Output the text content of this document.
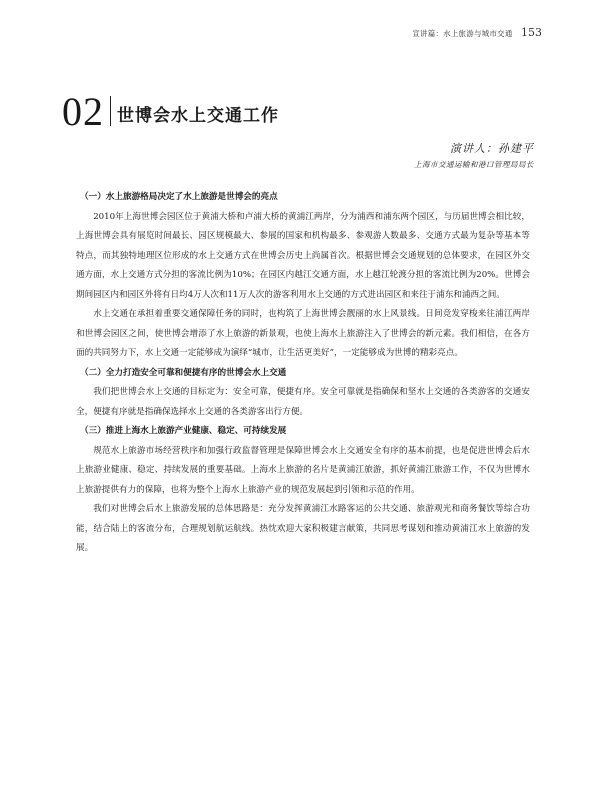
宣讲篇：水上旅游与城市交通 153
02 世博会水上交通工作
演讲人：孙建平
上海市交通运输和港口管理局局长
（一）水上旅游格局决定了水上旅游是世博会的亮点

2010年上海世博会园区位于黄浦大桥和卢浦大桥的黄浦江两岸，分为浦西和浦东两个园区，与历届世博会相比较，上海世博会具有展览时间最长、园区规模最大、参展的国家和机构最多、参观游人数最多、交通方式最为复杂等基本等特点，而其独特地理区位形成的水上交通方式在世博会历史上尚属首次。根据世博会交通规划的总体要求，在园区外交通方面，水上交通方式分担的客流比例为10%；在园区内越江交通方面，水上越江轮渡分担的客流比例为20%。世博会期间园区内和园区外将有日均4万人次和11万人次的游客利用水上交通的方式进出园区和来往于浦东和浦西之间。

水上交通在承担着重要交通保障任务的同时，也构筑了上海世博会靓丽的水上风景线。日间竞发穿梭来往浦江两岸和世博会园区之间，使世博会增添了水上旅游的新景观，也使上海水上旅游注入了世博会的新元素。我们相信，在各方面的共同努力下，水上交通一定能够成为演绎“城市，让生活更美好”，一定能够成为世博的精彩亮点。

（二）全力打造安全可靠和便捷有序的世博会水上交通

我们把世博会水上交通的目标定为：安全可靠，便捷有序。安全可靠就是指确保和坚水上交通的各类游客的交通安全，便捷有序就是指确保选择水上交通的各类游客出行方便。

（三）推进上海水上旅游产业健康、稳定、可持续发展

规范水上旅游市场经营秩序和加强行政监督管理是保障世博会水上交通安全有序的基本前提，也是促进世博会后水上旅游业健康、稳定、持续发展的重要基础。上海水上旅游的名片是黄浦江旅游，抓好黄浦江旅游工作，不仅为世博水上旅游提供有力的保障，也将为整个上海水上旅游产业的规范发展起到引领和示范的作用。

我们对世博会后水上旅游发展的总体思路是：充分发挥黄浦江水路客运的公共交通、旅游观光和商务餐饮等综合功能，结合陆上的客流分布，合理规划航运航线。热忱欢迎大家积极建言献策，共同思考谋划和推动黄浦江水上旅游的发展。
